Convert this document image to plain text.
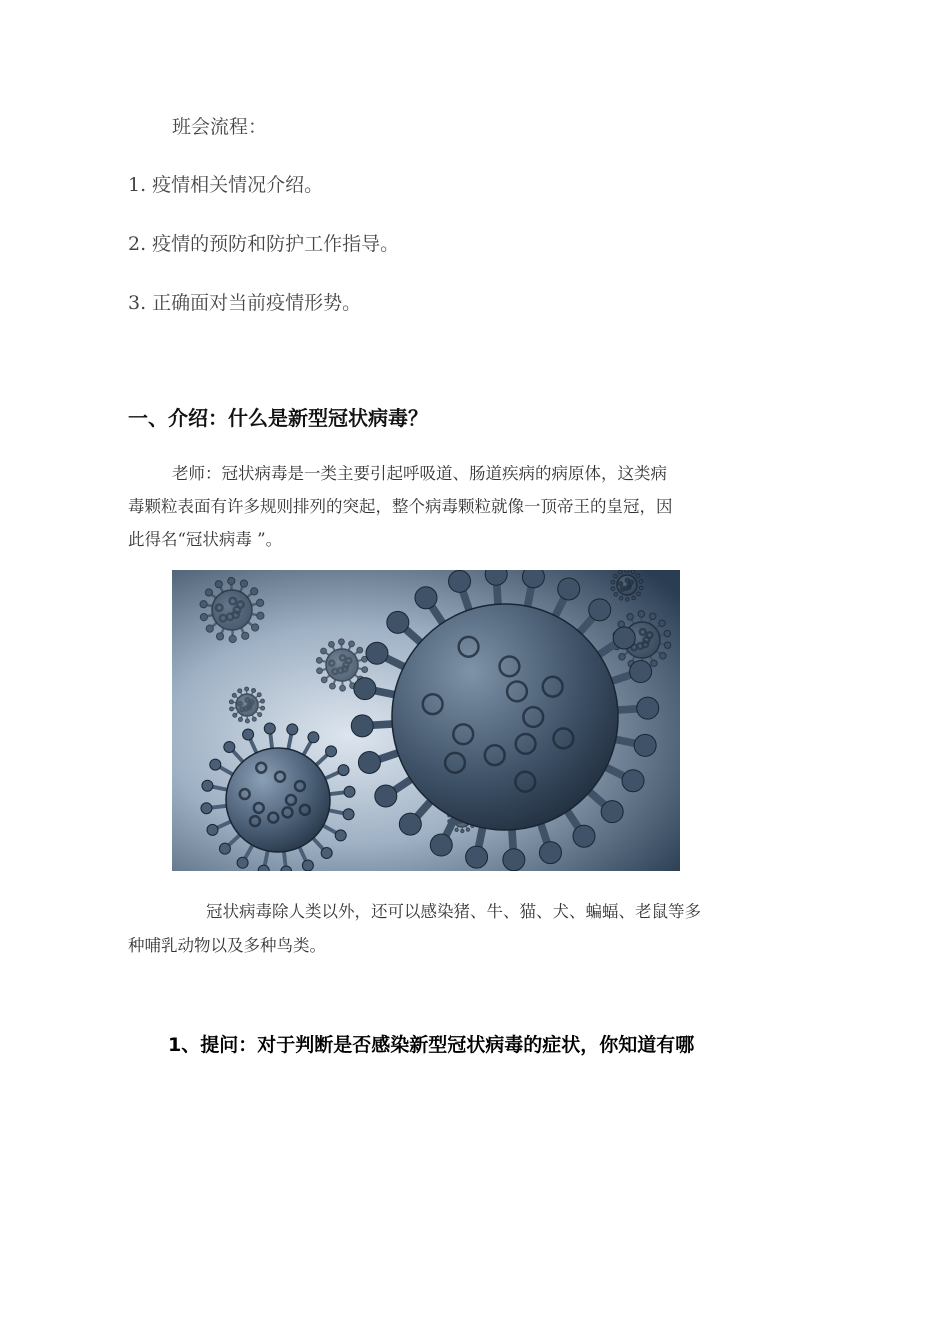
班会流程：
1. 疫情相关情况介绍。
2. 疫情的预防和防护工作指导。
3. 正确面对当前疫情形势。
一、介绍：什么是新型冠状病毒？
老师：冠状病毒是一类主要引起呼吸道、肠道疾病的病原体，这类病
毒颗粒表面有许多规则排列的突起，整个病毒颗粒就像一顶帝王的皇冠，因
此得名“冠状病毒 ”。
冠状病毒除人类以外，还可以感染猪、牛、猫、犬、蝙蝠、老鼠等多
种哺乳动物以及多种鸟类。
1、提问：对于判断是否感染新型冠状病毒的症状，你知道有哪
